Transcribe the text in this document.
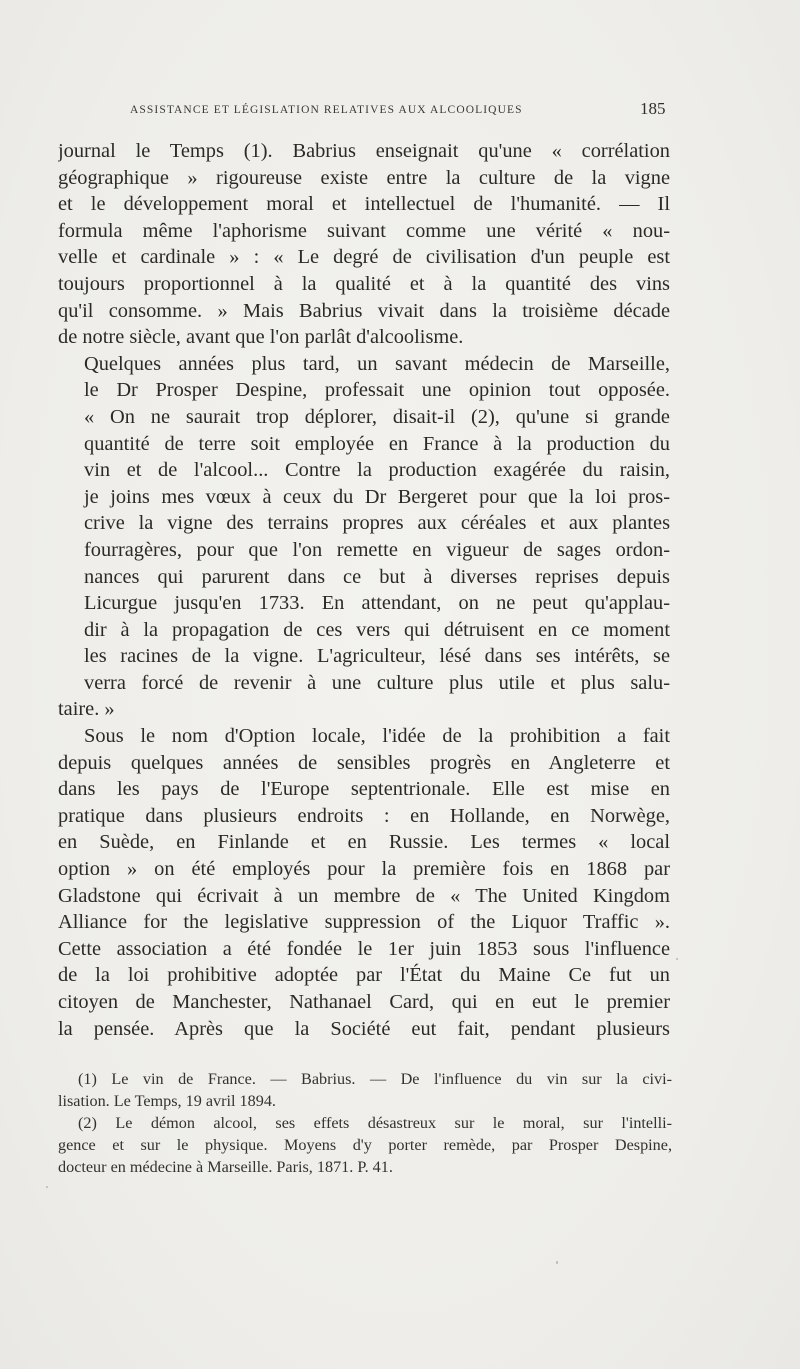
ASSISTANCE ET LÉGISLATION RELATIVES AUX ALCOOLIQUES	185

journal le Temps (1). Babrius enseignait qu'une « corrélation
géographique » rigoureuse existe entre la culture de la vigne
et le développement moral et intellectuel de l'humanité. — Il
formula même l'aphorisme suivant comme une vérité « nou-
velle et cardinale » : « Le degré de civilisation d'un peuple est
toujours proportionnel à la qualité et à la quantité des vins
qu'il consomme. » Mais Babrius vivait dans la troisième décade
de notre siècle, avant que l'on parlât d'alcoolisme.

Quelques années plus tard, un savant médecin de Marseille,
le Dr Prosper Despine, professait une opinion tout opposée.
« On ne saurait trop déplorer, disait-il (2), qu'une si grande
quantité de terre soit employée en France à la production du
vin et de l'alcool... Contre la production exagérée du raisin,
je joins mes vœux à ceux du Dr Bergeret pour que la loi pros-
crive la vigne des terrains propres aux céréales et aux plantes
fourragères, pour que l'on remette en vigueur de sages ordon-
nances qui parurent dans ce but à diverses reprises depuis
Licurgue jusqu'en 1733. En attendant, on ne peut qu'applau-
dir à la propagation de ces vers qui détruisent en ce moment
les racines de la vigne. L'agriculteur, lésé dans ses intérêts, se
verra forcé de revenir à une culture plus utile et plus salu-
taire. »

Sous le nom d'Option locale, l'idée de la prohibition a fait
depuis quelques années de sensibles progrès en Angleterre et
dans les pays de l'Europe septentrionale. Elle est mise en
pratique dans plusieurs endroits : en Hollande, en Norwège,
en Suède, en Finlande et en Russie. Les termes « local
option » on été employés pour la première fois en 1868 par
Gladstone qui écrivait à un membre de « The United Kingdom
Alliance for the legislative suppression of the Liquor Traffic ».
Cette association a été fondée le 1er juin 1853 sous l'influence
de la loi prohibitive adoptée par l'État du Maine Ce fut un
citoyen de Manchester, Nathanael Card, qui en eut le premier
la pensée. Après que la Société eut fait, pendant plusieurs

(1) Le vin de France. — Babrius. — De l'influence du vin sur la civi-
lisation. Le Temps, 19 avril 1894.
(2) Le démon alcool, ses effets désastreux sur le moral, sur l'intelli-
gence et sur le physique. Moyens d'y porter remède, par Prosper Despine,
docteur en médecine à Marseille. Paris, 1871. P. 41.
